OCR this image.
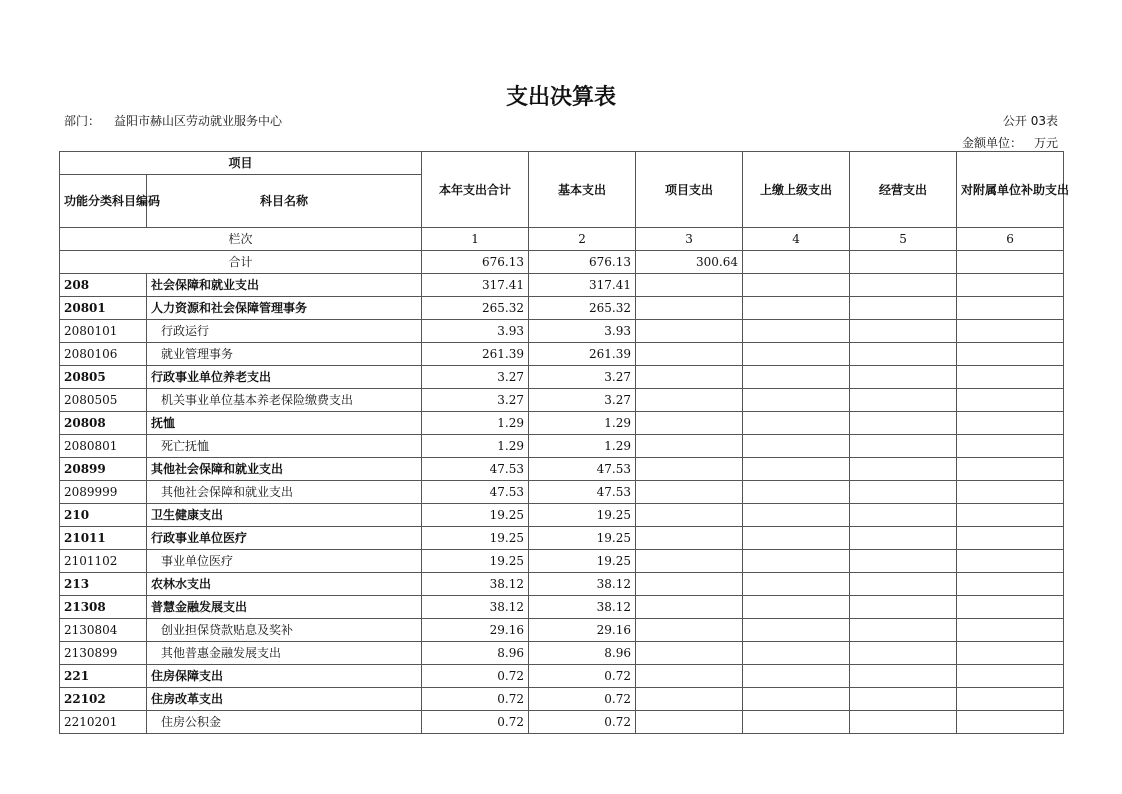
支出决算表
部门： 益阳市赫山区劳动就业服务中心	公开 03表
金额单位： 万元
项目		本年支出合计	基本支出	项目支出	上缴上级支出	经营支出	对附属单位补助支出
功能分类科目编码	科目名称						
栏次		1	2	3	4	5	6
合计		676.13	676.13	300.64			
208	社会保障和就业支出	317.41	317.41				
20801	人力资源和社会保障管理事务	265.32	265.32				
2080101	行政运行	3.93	3.93				
2080106	就业管理事务	261.39	261.39				
20805	行政事业单位养老支出	3.27	3.27				
2080505	机关事业单位基本养老保险缴费支出	3.27	3.27				
20808	抚恤	1.29	1.29				
2080801	死亡抚恤	1.29	1.29				
20899	其他社会保障和就业支出	47.53	47.53				
2089999	其他社会保障和就业支出	47.53	47.53				
210	卫生健康支出	19.25	19.25				
21011	行政事业单位医疗	19.25	19.25				
2101102	事业单位医疗	19.25	19.25				
213	农林水支出	38.12	38.12				
21308	普慧金融发展支出	38.12	38.12				
2130804	创业担保贷款贴息及奖补	29.16	29.16				
2130899	其他普惠金融发展支出	8.96	8.96				
221	住房保障支出	0.72	0.72				
22102	住房改革支出	0.72	0.72				
2210201	住房公积金	0.72	0.72				
